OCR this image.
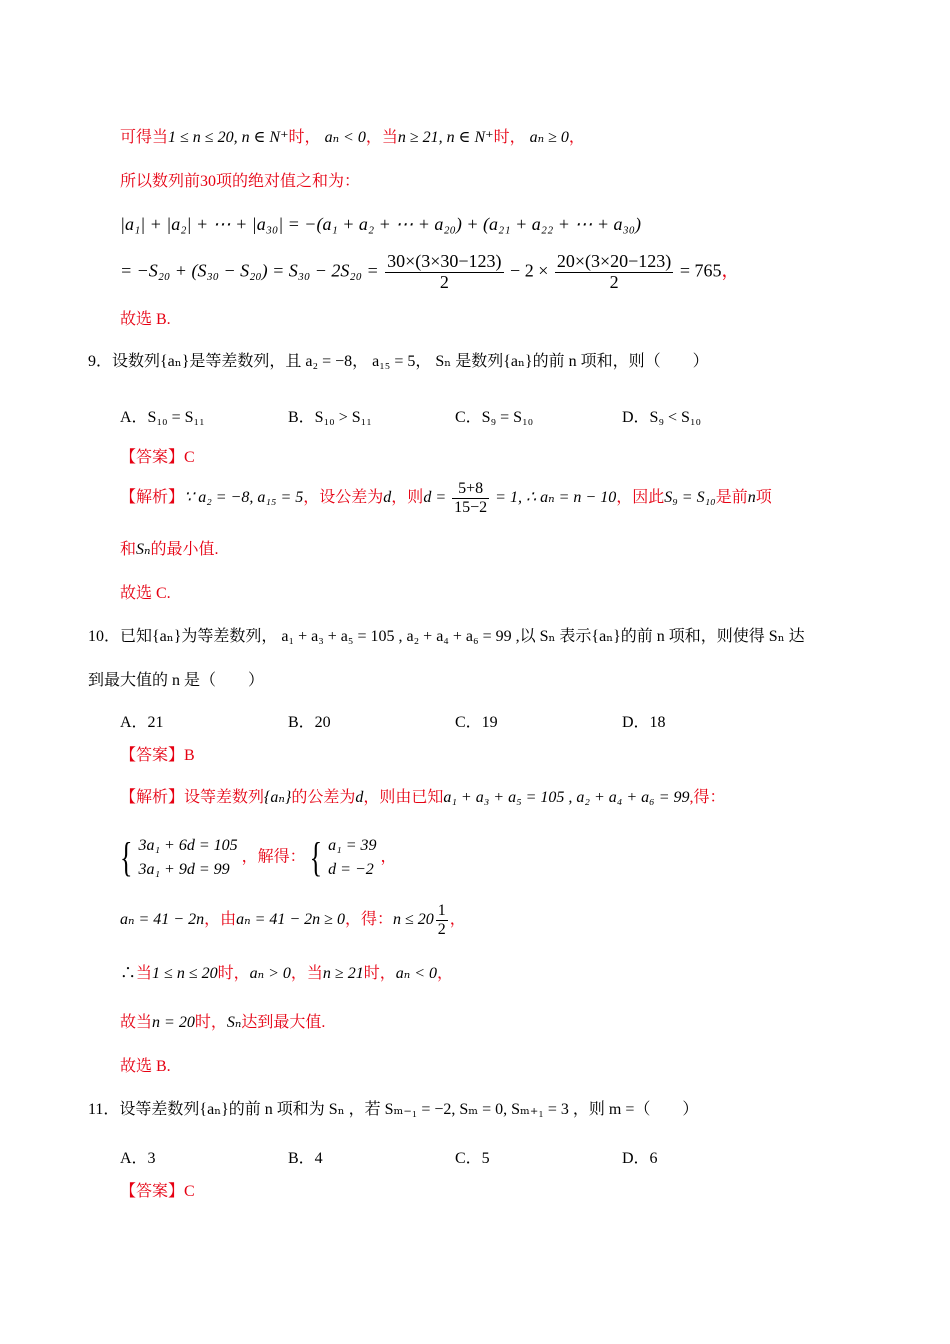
可得当1 ≤ n ≤ 20, n ∈ N⁺时， aₙ < 0，当n ≥ 21, n ∈ N⁺时， aₙ ≥ 0，
所以数列前30项的绝对值之和为：
|a₁| + |a₂| + ⋯ + |a₃₀| = −(a₁ + a₂ + ⋯ + a₂₀) + (a₂₁ + a₂₂ + ⋯ + a₃₀)
= $-S_{20} + (S_{30} - S_{20}) = S_{30} - 2S_{20} = \frac{30\times(3\times 30-123)}{2} - 2 \times \frac{20\times(3\times 20-123)}{2} = 765$，
故选 B.
9．设数列{aₙ}是等差数列，且 a₂ = −8， a₁₅ = 5， Sₙ 是数列{aₙ}的前 n 项和，则（　　）
A．S₁₀ = S₁₁	B．S₁₀ > S₁₁	C．S₉ = S₁₀	D．S₉ < S₁₀
【答案】C
【解析】∵ a₂ = −8, a₁₅ = 5，设公差为d，则$d = \frac{5+8}{15-2} = 1$, ∴ aₙ = n − 10，因此S₉ = S₁₀是前n项
和Sₙ的最小值.
故选 C.
10．已知{aₙ}为等差数列， a₁ + a₃ + a₅ = 105 , a₂ + a₄ + a₆ = 99 ,以 Sₙ 表示{aₙ}的前 n 项和，则使得 Sₙ 达
到最大值的 n 是（　　）
A．21	B．20	C．19	D．18
【答案】B
【解析】设等差数列{aₙ}的公差为d，则由已知a₁ + a₃ + a₅ = 105 , a₂ + a₄ + a₆ = 99,得：
{ 3a₁ + 6d = 105
3a₁ + 9d = 99
，解得： { a₁ = 39
d = −2
，
aₙ = 41 − 2n，由aₙ = 41 − 2n ≥ 0，得：$n \le 20 \frac{1}{2}$ ，
∴当1 ≤ n ≤ 20时，aₙ > 0，当n ≥ 21时，aₙ < 0，
故当n = 20时，Sₙ达到最大值.
故选 B.
11．设等差数列{aₙ}的前 n 项和为 Sₙ ，若 Sₘ₋₁ = −2, Sₘ = 0, Sₘ₊₁ = 3 ，则 m =（　　）
A．3	B．4	C．5	D．6
【答案】C
